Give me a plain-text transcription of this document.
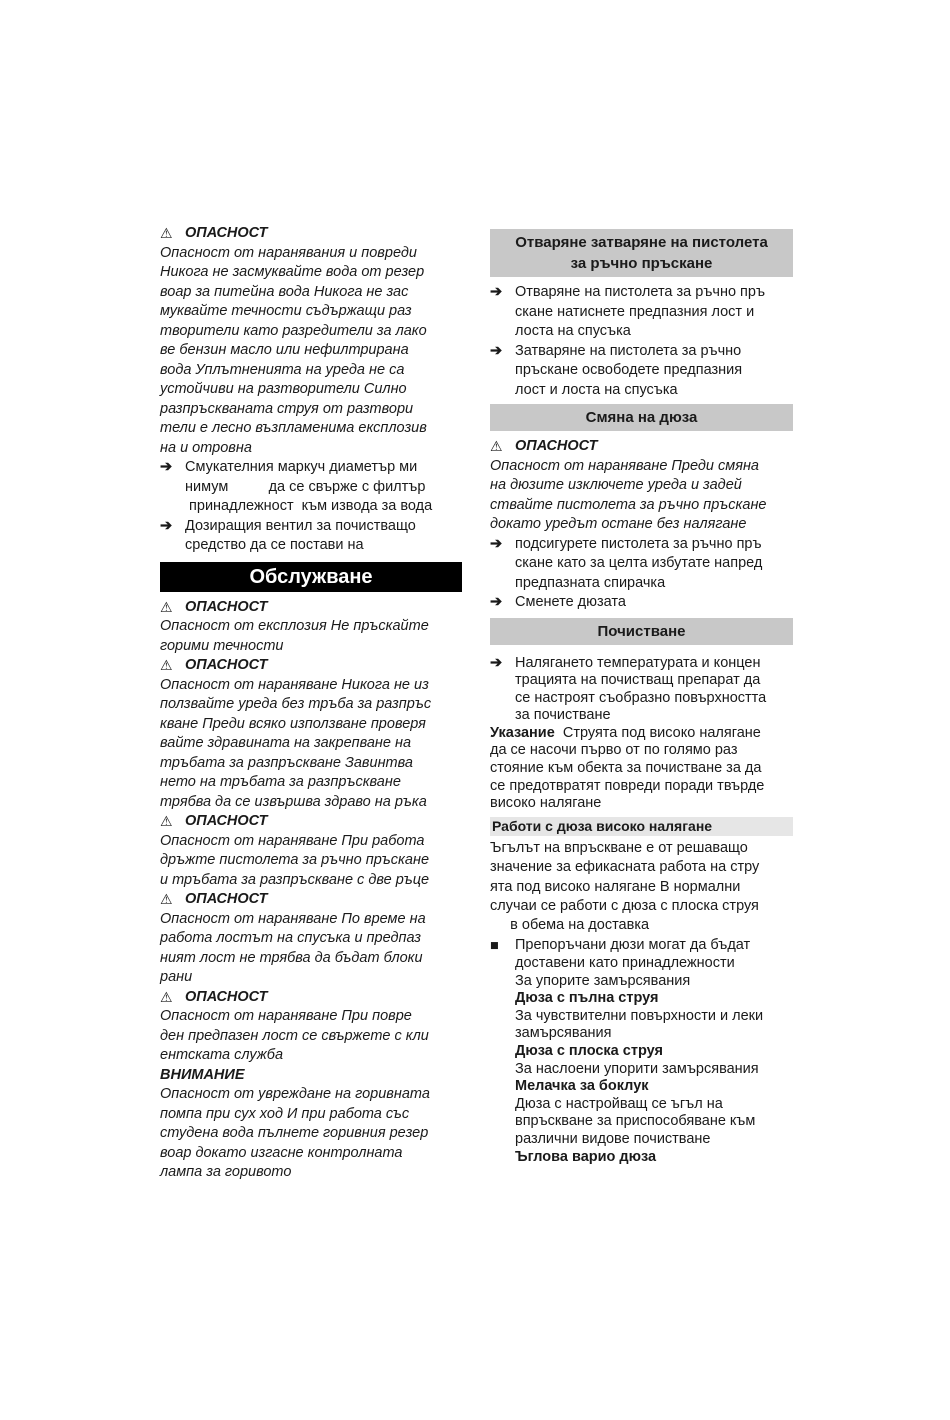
⚠ ОПАСНОСТ
Опасност от наранявания и повреди
Никога не засмуквайте вода от резер
воар за питейна вода Никога не зас
муквайте течности съдържащи раз
творители като разредители за лако
ве бензин масло или нефилтрирана
вода Уплътненията на уреда не са
устойчиви на разтворители Силно
разпръскваната струя от разтвори
тели е лесно възпламенима експлозив
на и отровна
➔ Смукателния маркуч диаметър ми
нимум          да се свърже с филтър
принадлежност  към извода за вода
➔ Дозиращия вентил за почистващо
средство да се постави на
Обслужване
⚠ ОПАСНОСТ
Опасност от експлозия Не пръскайте
горими течности
⚠ ОПАСНОСТ
Опасност от нараняване Никога не из
ползвайте уреда без тръба за разпръс
кване Преди всяко използване проверя
вайте здравината на закрепване на
тръбата за разпръскване Завинтва
нето на тръбата за разпръскване
трябва да се извършва здраво на ръка
⚠ ОПАСНОСТ
Опасност от нараняване При работа
дръжте пистолета за ръчно пръскане
и тръбата за разпръскване с две ръце
⚠ ОПАСНОСТ
Опасност от нараняване По време на
работа лостът на спусъка и предпаз
ният лост не трябва да бъдат блоки
рани
⚠ ОПАСНОСТ
Опасност от нараняване При повре
ден предпазен лост се свържете с кли
ентската служба
ВНИМАНИЕ
Опасност от увреждане на горивната
помпа при сух ход И при работа със
студена вода пълнете горивния резер
воар докато изгасне контролната
лампа за горивото
Отваряне затваряне на пистолета
за ръчно пръскане
➔ Отваряне на пистолета за ръчно пръ
скане натиснете предпазния лост и
лоста на спусъка
➔ Затваряне на пистолета за ръчно
пръскане освободете предпазния
лост и лоста на спусъка
Смяна на дюза
⚠ ОПАСНОСТ
Опасност от нараняване Преди смяна
на дюзите изключете уреда и задей
ствайте пистолета за ръчно пръскане
докато уредът остане без налягане
➔ подсигурете пистолета за ръчно пръ
скане като за целта избутате напред
предпазната спирачка
➔ Сменете дюзата
Почистване
➔ Налягането температурата и концен
трацията на почистващ препарат да
се настроят съобразно повърхността
за почистване
Указание  Струята под високо налягане
да се насочи първо от по голямо раз
стояние към обекта за почистване за да
се предотвратят повреди поради твърде
високо налягане
Работи с дюза високо налягане
Ъгълът на впръскване е от решаващо
значение за ефикасната работа на стру
ята под високо налягане В нормални
случаи се работи с дюза с плоска струя
в обема на доставка
■	Препоръчани дюзи могат да бъдат
доставени като принадлежности
За упорите замърсявания
Дюза с пълна струя
За чувствителни повърхности и леки
замърсявания
Дюза с плоска струя
За наслоени упорити замърсявания
Мелачка за боклук
Дюза с настройващ се ъгъл на
впръскване за приспособяване към
различни видове почистване
Ъглова варио дюза
